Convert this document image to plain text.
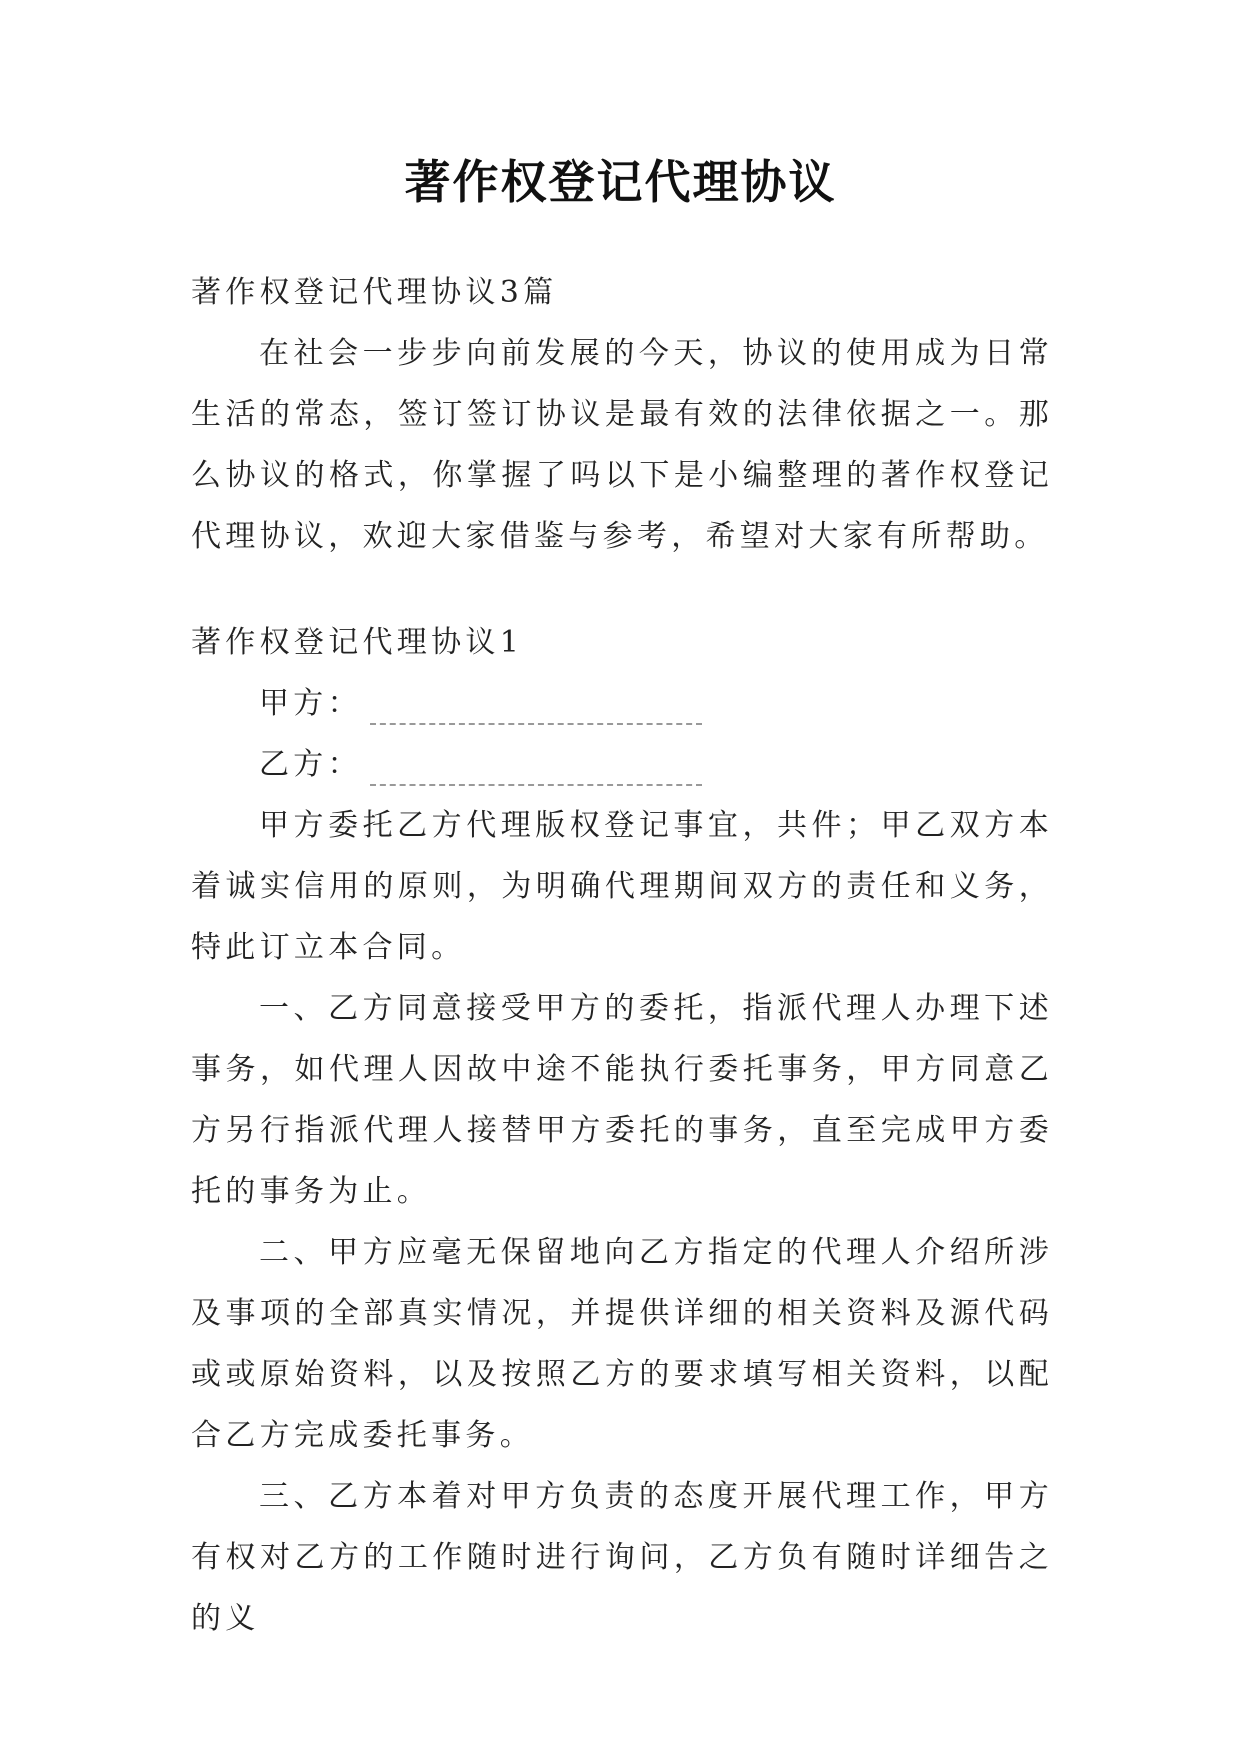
著作权登记代理协议

著作权登记代理协议3篇

在社会一步步向前发展的今天，协议的使用成为日常生活的常态，签订签订协议是最有效的法律依据之一。那么协议的格式，你掌握了吗以下是小编整理的著作权登记代理协议，欢迎大家借鉴与参考，希望对大家有所帮助。

著作权登记代理协议1

甲方：

乙方：

甲方委托乙方代理版权登记事宜，共件；甲乙双方本着诚实信用的原则，为明确代理期间双方的责任和义务，特此订立本合同。

一、乙方同意接受甲方的委托，指派代理人办理下述事务，如代理人因故中途不能执行委托事务，甲方同意乙方另行指派代理人接替甲方委托的事务，直至完成甲方委托的事务为止。

二、甲方应毫无保留地向乙方指定的代理人介绍所涉及事项的全部真实情况，并提供详细的相关资料及源代码或或原始资料，以及按照乙方的要求填写相关资料，以配合乙方完成委托事务。

三、乙方本着对甲方负责的态度开展代理工作，甲方有权对乙方的工作随时进行询问，乙方负有随时详细告之的义
